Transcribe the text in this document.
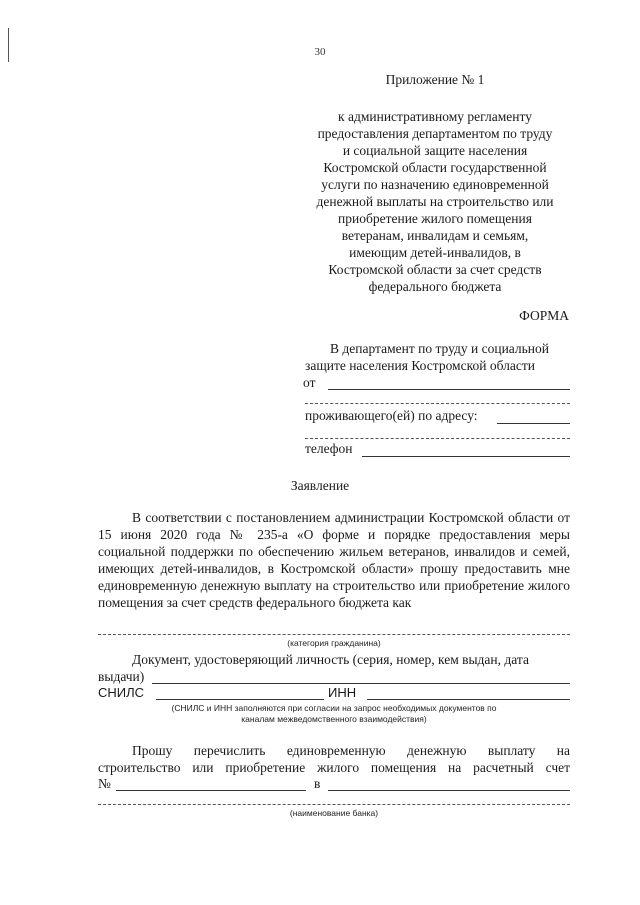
30
Приложение № 1
к административному регламенту
предоставления департаментом по труду
и социальной защите населения
Костромской области государственной
услуги по назначению единовременной
денежной выплаты на строительство или
приобретение жилого помещения
ветеранам, инвалидам и семьям,
имеющим детей-инвалидов, в
Костромской области за счет средств
федерального бюджета
ФОРМА
В департамент по труду и социальной
защите населения Костромской области
от
проживающего(ей) по адресу:
телефон
Заявление
В соответствии с постановлением администрации Костромской области от 15 июня 2020 года № 235-а «О форме и порядке предоставления меры социальной поддержки по обеспечению жильем ветеранов, инвалидов и семей, имеющих детей-инвалидов, в Костромской области» прошу предоставить мне единовременную денежную выплату на строительство или приобретение жилого помещения за счет средств федерального бюджета как
(категория гражданина)
Документ, удостоверяющий личность (серия, номер, кем выдан, дата
выдачи)
СНИЛС	ИНН
(СНИЛС и ИНН заполняются при согласии на запрос необходимых документов по
каналам межведомственного взаимодействия)
Прошу перечислить единовременную денежную выплату на
строительство или приобретение жилого помещения на расчетный счет
№	в
(наименование банка)
